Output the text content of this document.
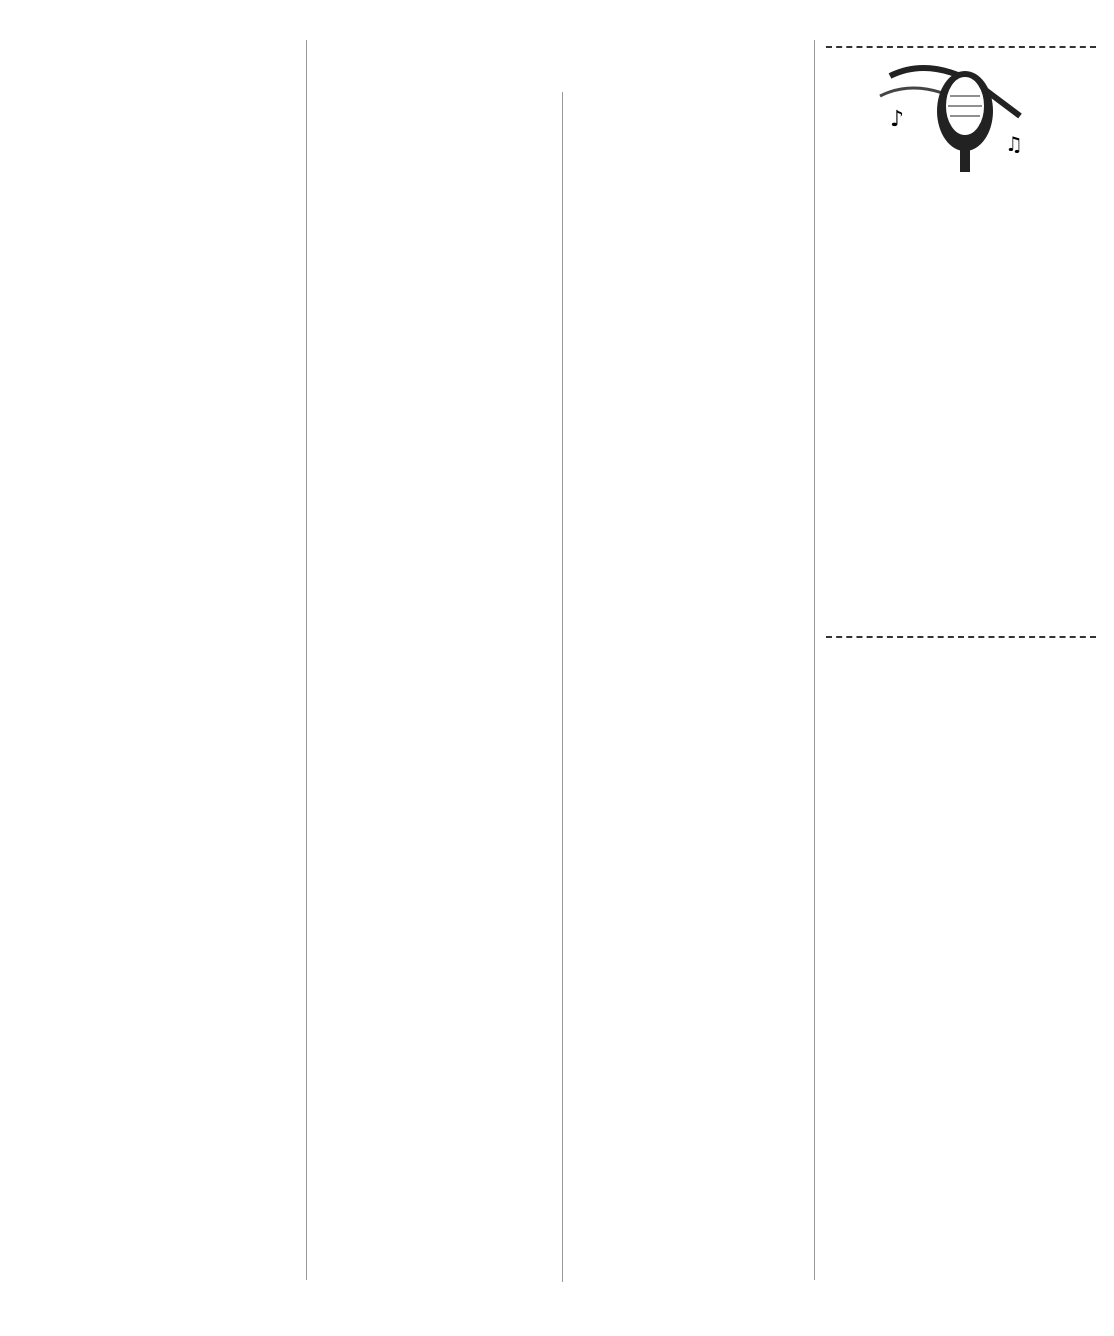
♪
♫
